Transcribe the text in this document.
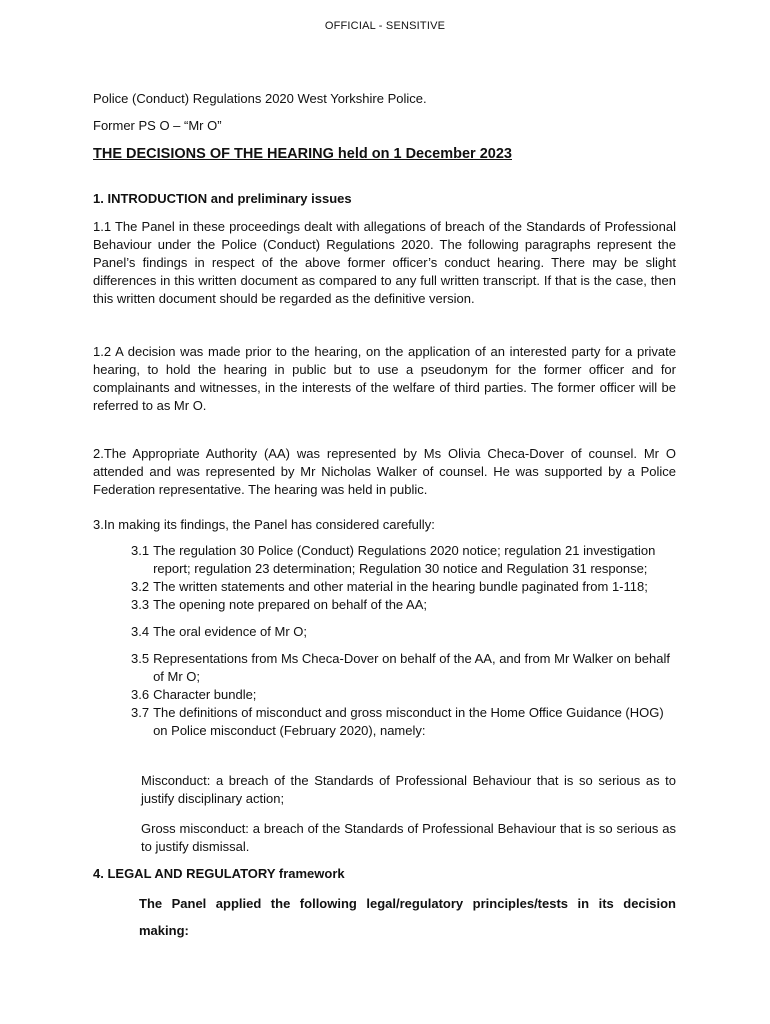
OFFICIAL - SENSITIVE
Police (Conduct) Regulations 2020 West Yorkshire Police.
Former PS O – “Mr O”
THE DECISIONS OF THE HEARING held on 1 December 2023
1. INTRODUCTION and preliminary issues
1.1 The Panel in these proceedings dealt with allegations of breach of the Standards of Professional Behaviour under the Police (Conduct) Regulations 2020. The following paragraphs represent the Panel’s findings in respect of the above former officer’s conduct hearing. There may be slight differences in this written document as compared to any full written transcript. If that is the case, then this written document should be regarded as the definitive version.
1.2 A decision was made prior to the hearing, on the application of an interested party for a private hearing, to hold the hearing in public but to use a pseudonym for the former officer and for complainants and witnesses, in the interests of the welfare of third parties. The former officer will be referred to as Mr O.
2.The Appropriate Authority (AA) was represented by Ms Olivia Checa-Dover of counsel. Mr O attended and was represented by Mr Nicholas Walker of counsel. He was supported by a Police Federation representative. The hearing was held in public.
3.In making its findings, the Panel has considered carefully:
3.1 The regulation 30 Police (Conduct) Regulations 2020 notice; regulation 21 investigation report; regulation 23 determination; Regulation 30 notice and Regulation 31 response;
3.2 The written statements and other material in the hearing bundle paginated from 1-118;
3.3 The opening note prepared on behalf of the AA;
3.4 The oral evidence of Mr O;
3.5 Representations from Ms Checa-Dover on behalf of the AA, and from Mr Walker on behalf of Mr O;
3.6 Character bundle;
3.7 The definitions of misconduct and gross misconduct in the Home Office Guidance (HOG) on Police misconduct (February 2020), namely:
Misconduct: a breach of the Standards of Professional Behaviour that is so serious as to justify disciplinary action;
Gross misconduct: a breach of the Standards of Professional Behaviour that is so serious as to justify dismissal.
4. LEGAL AND REGULATORY framework
The Panel applied the following legal/regulatory principles/tests in its decision making:
